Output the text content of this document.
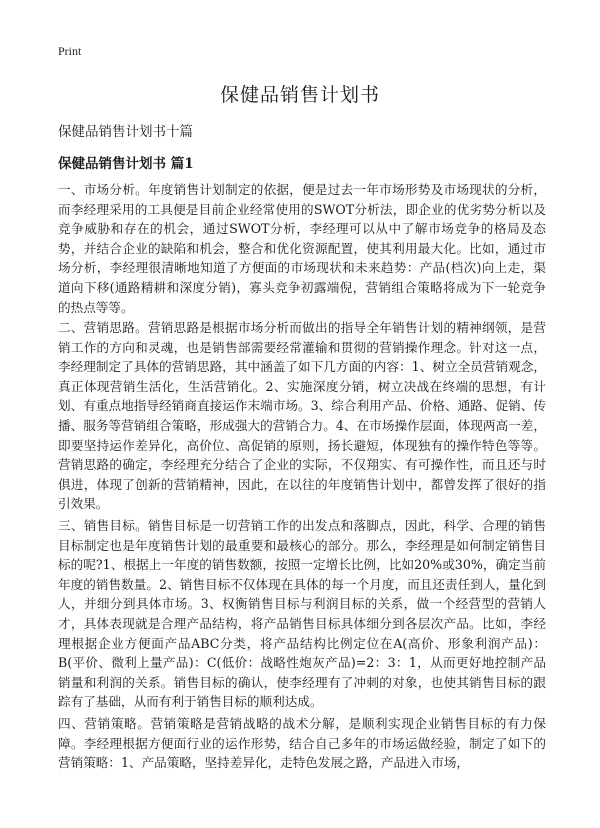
Print
保健品销售计划书
保健品销售计划书十篇
保健品销售计划书 篇1
一、市场分析。年度销售计划制定的依据，便是过去一年市场形势及市场现状的分析，而李经理采用的工具便是目前企业经常使用的SWOT分析法，即企业的优劣势分析以及竞争威胁和存在的机会，通过SWOT分析，李经理可以从中了解市场竞争的格局及态势，并结合企业的缺陷和机会，整合和优化资源配置，使其利用最大化。比如，通过市场分析，李经理很清晰地知道了方便面的市场现状和未来趋势：产品(档次)向上走，渠道向下移(通路精耕和深度分销)，寡头竞争初露端倪，营销组合策略将成为下一轮竞争的热点等等。
二、营销思路。营销思路是根据市场分析而做出的指导全年销售计划的精神纲领，是营销工作的方向和灵魂，也是销售部需要经常灌输和贯彻的营销操作理念。针对这一点，李经理制定了具体的营销思路，其中涵盖了如下几方面的内容：1、树立全员营销观念，真正体现营销生活化，生活营销化。2、实施深度分销，树立决战在终端的思想，有计划、有重点地指导经销商直接运作末端市场。3、综合利用产品、价格、通路、促销、传播、服务等营销组合策略，形成强大的营销合力。4、在市场操作层面，体现两高一差，即要坚持运作差异化，高价位、高促销的原则，扬长避短，体现独有的操作特色等等。营销思路的确定，李经理充分结合了企业的实际，不仅翔实、有可操作性，而且还与时俱进，体现了创新的营销精神，因此，在以往的年度销售计划中，都曾发挥了很好的指引效果。
三、销售目标。销售目标是一切营销工作的出发点和落脚点，因此，科学、合理的销售目标制定也是年度销售计划的最重要和最核心的部分。那么，李经理是如何制定销售目标的呢?1、根据上一年度的销售数额，按照一定增长比例，比如20%或30%，确定当前年度的销售数量。2、销售目标不仅体现在具体的每一个月度，而且还责任到人，量化到人，并细分到具体市场。3、权衡销售目标与利润目标的关系，做一个经营型的营销人才，具体表现就是合理产品结构，将产品销售目标具体细分到各层次产品。比如，李经理根据企业方便面产品ABC分类，将产品结构比例定位在A(高价、形象利润产品)：B(平价、微利上量产品)：C(低价：战略性炮灰产品)=2：3：1，从而更好地控制产品销量和利润的关系。销售目标的确认，使李经理有了冲刺的对象，也使其销售目标的跟踪有了基础，从而有利于销售目标的顺利达成。
四、营销策略。营销策略是营销战略的战术分解，是顺利实现企业销售目标的有力保障。李经理根据方便面行业的运作形势，结合自己多年的市场运做经验，制定了如下的营销策略：1、产品策略，坚持差异化，走特色发展之路，产品进入市场，
